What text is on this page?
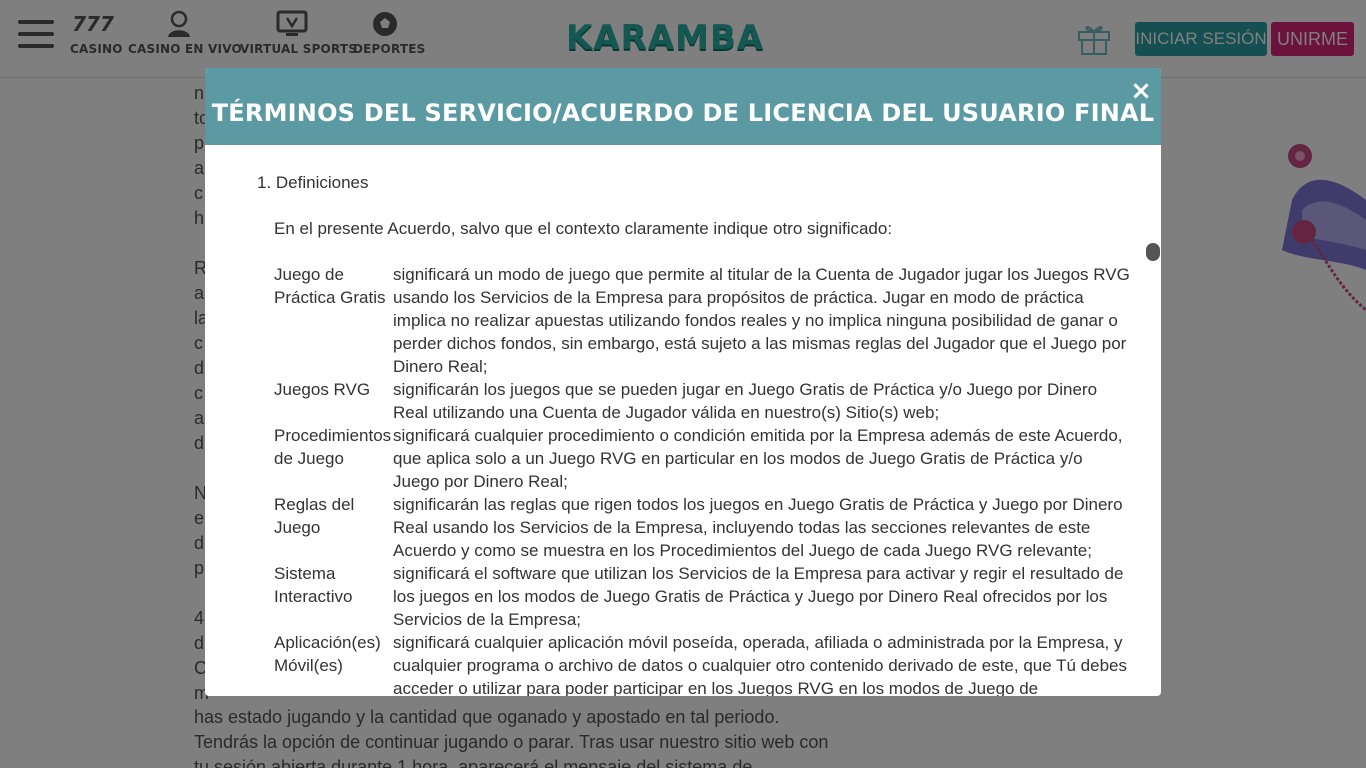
TÉRMINOS DEL SERVICIO/ACUERDO DE LICENCIA DEL USUARIO FINAL
×
1. Definiciones
En el presente Acuerdo, salvo que el contexto claramente indique otro significado:
Juego de Práctica Gratis
significará un modo de juego que permite al titular de la Cuenta de Jugador jugar los Juegos RVG usando los Servicios de la Empresa para propósitos de práctica. Jugar en modo de práctica implica no realizar apuestas utilizando fondos reales y no implica ninguna posibilidad de ganar o perder dichos fondos, sin embargo, está sujeto a las mismas reglas del Jugador que el Juego por Dinero Real;
Juegos RVG	significarán los juegos que se pueden jugar en Juego Gratis de Práctica y/o Juego por Dinero Real utilizando una Cuenta de Jugador válida en nuestro(s) Sitio(s) web;
Procedimientos de Juego
significará cualquier procedimiento o condición emitida por la Empresa además de este Acuerdo, que aplica solo a un Juego RVG en particular en los modos de Juego Gratis de Práctica y/o Juego por Dinero Real;
Reglas del Juego
significarán las reglas que rigen todos los juegos en Juego Gratis de Práctica y Juego por Dinero Real usando los Servicios de la Empresa, incluyendo todas las secciones relevantes de este Acuerdo y como se muestra en los Procedimientos del Juego de cada Juego RVG relevante;
Sistema Interactivo
significará el software que utilizan los Servicios de la Empresa para activar y regir el resultado de los juegos en los modos de Juego Gratis de Práctica y Juego por Dinero Real ofrecidos por los Servicios de la Empresa;
Aplicación(es) Móvil(es)
significará cualquier aplicación móvil poseída, operada, afiliada o administrada por la Empresa, y cualquier programa o archivo de datos o cualquier otro contenido derivado de este, que Tú debes acceder o utilizar para poder participar en los Juegos RVG en los modos de Juego de
